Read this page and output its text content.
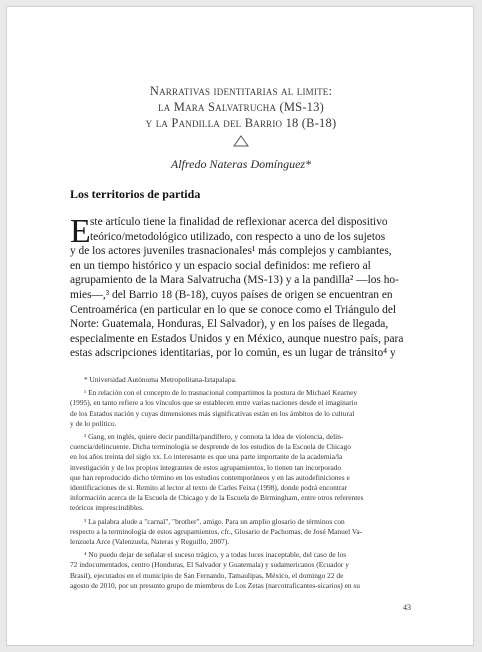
Narrativas identitarias al limite:
la Mara Salvatrucha (MS-13)
y la Pandilla del Barrio 18 (B-18)
Alfredo Nateras Domínguez*
Los territorios de partida
E ste artículo tiene la finalidad de reflexionar acerca del dispositivo
teórico/metodológico utilizado, con respecto a uno de los sujetos
y de los actores juveniles trasnacionales¹ más complejos y cambiantes,
en un tiempo histórico y un espacio social definidos: me refiero al
agrupamiento de la Mara Salvatrucha (MS-13) y a la pandilla² —los ho-
mies—,³ del Barrio 18 (B-18), cuyos países de origen se encuentran en
Centroamérica (en particular en lo que se conoce como el Triángulo del
Norte: Guatemala, Honduras, El Salvador), y en los países de llegada,
especialmente en Estados Unidos y en México, aunque nuestro país, para
estas adscripciones identitarias, por lo común, es un lugar de tránsito⁴ y
* Universidad Autónoma Metropolitana-Iztapalapa.
¹ En relación con el concepto de lo trasnacional compartimos la postura de Michael Kearney
(1995), en tanto refiere a los vínculos que se establecen entre varias naciones desde el imaginario
de los Estados nación y cuyas dimensiones más significativas están en los ámbitos de lo cultural
y de lo político.
² Gang, en inglés, quiere decir pandilla/pandillero, y connota la idea de violencia, delin-
cuencia/delincuente. Dicha terminología se desprende de los estudios de la Escuela de Chicago
en los años treinta del siglo xx. Lo interesante es que una parte importante de la academia/la
investigación y de los propios integrantes de estos agrupamientos, lo tienen tan incorporado
que han reproducido dicho término en los estudios contemporáneos y en las autodefiniciones e
identificaciones de sí. Remito al lector al texto de Carles Feixa (1998), donde podrá encontrar
información acerca de la Escuela de Chicago y de la Escuela de Birmingham, entre otros referentes
teóricos imprescindibles.
³ La palabra alude a "carnal", "brother", amigo. Para un amplio glosario de términos con
respecto a la terminología de estos agrupamientos, cfr., Glosario de Pachomas, de José Manuel Va-
lenzuela Arce (Valenzuela, Nateras y Reguillo, 2007).
⁴ No puedo dejar de señalar el suceso trágico, y a todas luces inaceptable, del caso de los
72 indocumentados, centro (Honduras, El Salvador y Guatemala) y sudamericanos (Ecuador y
Brasil), ejecutados en el municipio de San Fernando, Tamaulipas, México, el domingo 22 de
agosto de 2010, por un presunto grupo de miembros de Los Zetas (narcotraficantes-sicarios) en su
43
